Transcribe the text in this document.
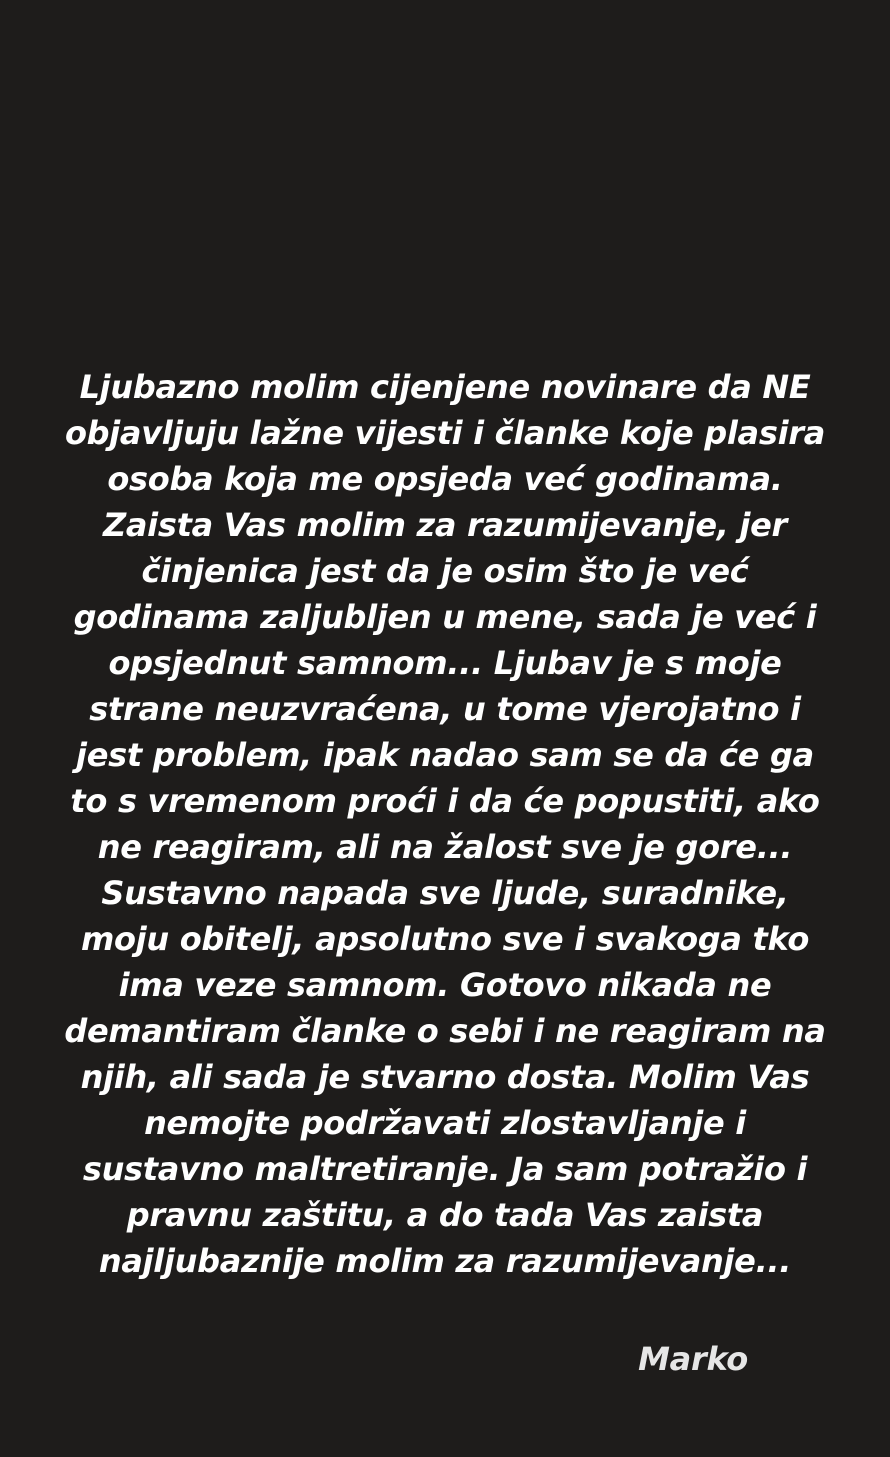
Ljubazno molim cijenjene novinare da NE
objavljuju lažne vijesti i članke koje plasira
osoba koja me opsjeda već godinama.
Zaista Vas molim za razumijevanje, jer
činjenica jest da je osim što je već
godinama zaljubljen u mene, sada je već i
opsjednut samnom... Ljubav je s moje
strane neuzvraćena, u tome vjerojatno i
jest problem, ipak nadao sam se da će ga
to s vremenom proći i da će popustiti, ako
ne reagiram, ali na žalost sve je gore...
Sustavno napada sve ljude, suradnike,
moju obitelj, apsolutno sve i svakoga tko
ima veze samnom. Gotovo nikada ne
demantiram članke o sebi i ne reagiram na
njih, ali sada je stvarno dosta. Molim Vas
nemojte podržavati zlostavljanje i
sustavno maltretiranje. Ja sam potražio i
pravnu zaštitu, a do tada Vas zaista
najljubaznije molim za razumijevanje...
Marko
